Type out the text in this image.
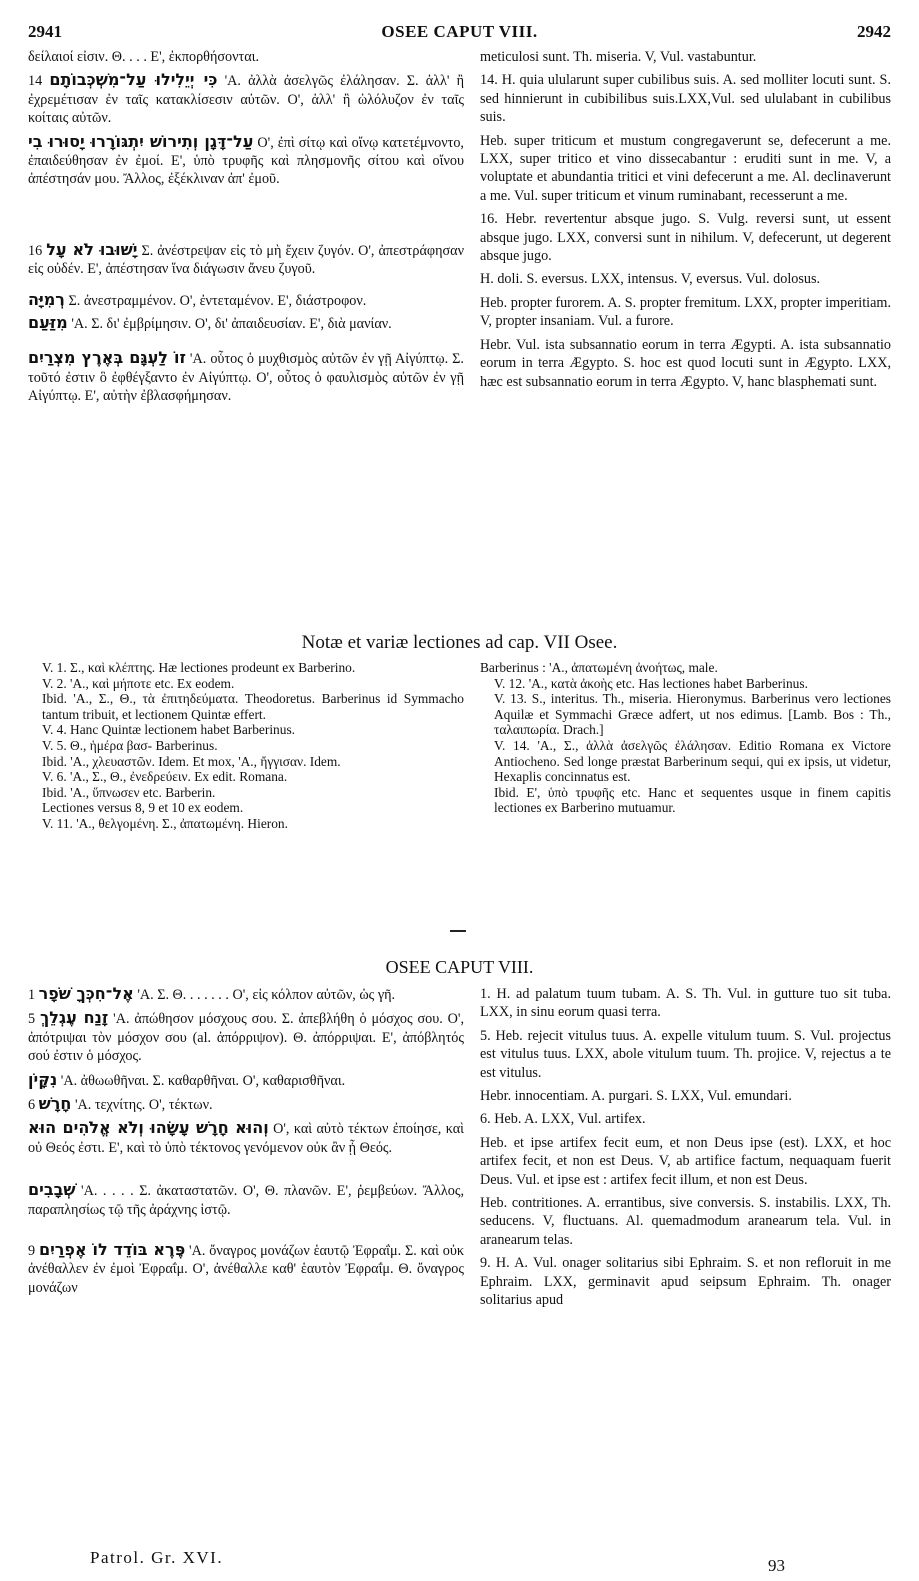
2941	OSEE CAPUT VIII.	2942

δείλαιοί εἰσιν. Θ. . . . Ε', ἐκπορθήσονται.

כִּי יְיֵלִילוּ עַל־מִשְׁכְּבוֹתָם 14 'Α. ἀλλὰ ἀσελγῶς ἐλάλησαν. Σ. ἀλλ' ἢ ἐχρεμέτισαν ἐν ταῖς κατακλίσεσιν αὐτῶν. Ο', ἀλλ' ἢ ὠλόλυζον ἐν ταῖς κοίταις αὐτῶν.

עַל־דָּגָן וְתִירוֹשׁ יִתְגּוֹרָרוּ יָסוּרוּ בִי Ο', ἐπὶ σίτῳ καὶ οἴνῳ κατετέμνοντο, ἐπαιδεύθησαν ἐν ἐμοί. Ε', ὑπὸ τρυφῆς καὶ πλησμονῆς σίτου καὶ οἴνου ἀπέστησάν μου. Ἄλλος, ἐξέκλιναν ἀπ' ἐμοῦ.

יָשׁוּבוּ לֹא עָל 16 Σ. ἀνέστρεψαν εἰς τὸ μὴ ἔχειν ζυγόν. Ο', ἀπεστράφησαν εἰς οὐδέν. Ε', ἀπέστησαν ἵνα διάγωσιν ἄνευ ζυγοῦ.

רְמִיָּה Σ. ἀνεστραμμένον. Ο', ἐντεταμένον. Ε', διάστροφον.

מִזַּעַם 'Α. Σ. δι' ἐμβρίμησιν. Ο', δι' ἀπαιδευσίαν. Ε', διὰ μανίαν.

זוֹ לַעְגָּם בְּאֶרֶץ מִצְרַיִם 'Α. οὗτος ὁ μυχθισμὸς αὐτῶν ἐν γῇ Αἰγύπτῳ. Σ. τοῦτό ἐστιν ὃ ἐφθέγξαντο ἐν Αἰγύπτῳ. Ο', οὗτος ὁ φαυλισμὸς αὐτῶν ἐν γῇ Αἰγύπτῳ. Ε', αὐτὴν ἐβλασφήμησαν.

meticulosi sunt. Th. miseria. V, Vul. vastabuntur.

14. H. quia ulularunt super cubilibus suis. A. sed molliter locuti sunt. S. sed hinnierunt in cubibilibus suis.LXX,Vul. sed ululabant in cubilibus suis.

Heb. super triticum et mustum congregaverunt se, defecerunt a me. LXX, super tritico et vino dissecabantur : eruditi sunt in me. V, a voluptate et abundantia tritici et vini defecerunt a me. Al. declinaverunt a me. Vul. super triticum et vinum ruminabant, recesserunt a me.

16. Hebr. revertentur absque jugo. S. Vulg. reversi sunt, ut essent absque jugo. LXX, conversi sunt in nihilum. V, defecerunt, ut degerent absque jugo.

H. doli. S. eversus. LXX, intensus. V, eversus. Vul. dolosus.

Heb. propter furorem. A. S. propter fremitum. LXX, propter imperitiam. V, propter insaniam. Vul. a furore.

Hebr. Vul. ista subsannatio eorum in terra Ægypti. A. ista subsannatio eorum in terra Ægypto. S. hoc est quod locuti sunt in Ægypto. LXX, hæc est subsannatio eorum in terra Ægypto. V, hanc blasphemati sunt.

Notæ et variæ lectiones ad cap. VII Osee.

V. 1. Σ., καὶ κλέπτης. Hæ lectiones prodeunt ex Barberino.

V. 2. 'Α., καὶ μήποτε etc. Ex eodem.

Ibid. 'Α., Σ., Θ., τὰ ἐπιτηδεύματα. Theodoretus. Barberinus id Symmacho tantum tribuit, et lectionem Quintæ effert.

V. 4. Hanc Quintæ lectionem habet Barberinus.

V. 5. Θ., ἡμέρα βασ- Barberinus.

Ibid. 'Α., χλευαστῶν. Idem. Et mox, 'Α., ἤγγισαν. Idem.

V. 6. 'Α., Σ., Θ., ἐνεδρεύειν. Ex edit. Romana.

Ibid. 'Α., ὕπνωσεν etc. Barberin.

Lectiones versus 8, 9 et 10 ex eodem.

V. 11. 'Α., θελγομένη. Σ., ἀπατωμένη. Hieron.

Barberinus : 'Α., ἀπατωμένη ἀνοήτως, male.

V. 12. 'Α., κατὰ ἀκοὴς etc. Has lectiones habet Barberinus.

V. 13. S., interitus. Th., miseria. Hieronymus. Barberinus vero lectiones Aquilæ et Symmachi Græce adfert, ut nos edimus. [Lamb. Bos : Th., ταλαιπωρία. Drach.]

V. 14. 'Α., Σ., ἀλλὰ ἀσελγῶς ἐλάλησαν. Editio Romana ex Victore Antiocheno. Sed longe præstat Barberinum sequi, qui ex ipsis, ut videtur, Hexaplis concinnatus est.

Ibid. E', ὑπὸ τρυφῆς etc. Hanc et sequentes usque in finem capitis lectiones ex Barberino mutuamur.

OSEE CAPUT VIII.

אֶל־חִכְּךָ שֹׁפָר 1 'Α. Σ. Θ. . . . . . . Ο', εἰς κόλπον αὐτῶν, ὡς γῆ.

זָנַח עֶגְלֵךְ 5 'Α. ἀπώθησον μόσχους σου. Σ. ἀπεβλήθη ὁ μόσχος σου. Ο', ἀπότριψαι τὸν μόσχον σου (al. ἀπόρριψον). Θ. ἀπόρριψαι. Ε', ἀπόβλητός σού ἐστιν ὁ μόσχος.

נִקָּיֹן 'Α. ἀθωωθῆναι. Σ. καθαρθῆναι. Ο', καθαρισθῆναι.

חָרָשׁ 6 'Α. τεχνίτης. Ο', τέκτων.

וְהוּא חָרָשׁ עָשָׂהוּ וְלֹא אֱלֹהִים הוּא Ο', καὶ αὐτὸ τέκτων ἐποίησε, καὶ οὐ Θεός ἐστι. Ε', καὶ τὸ ὑπὸ τέκτονος γενόμενον οὐκ ἂν ᾖ Θεός.

שְׁבָבִים 'Α. . . . . Σ. ἀκαταστατῶν. Ο', Θ. πλανῶν. Ε', ῥεμβεύων. Ἄλλος, παραπλησίως τῷ τῆς ἀράχνης ἱστῷ.

פֶּרֶא בּוֹדֵד לוֹ אֶפְרַיִם 9 'Α. ὄναγρος μονάζων ἑαυτῷ Ἐφραΐμ. Σ. καὶ οὐκ ἀνέθαλλεν ἐν ἐμοὶ Ἐφραΐμ. Ο', ἀνέθαλλε καθ' ἑαυτὸν Ἐφραΐμ. Θ. ὄναγρος μονάζων

1. H. ad palatum tuum tubam. A. S. Th. Vul. in gutture tuo sit tuba. LXX, in sinu eorum quasi terra.

5. Heb. rejecit vitulus tuus. A. expelle vitulum tuum. S. Vul. projectus est vitulus tuus. LXX, abole vitulum tuum. Th. projice. V, rejectus a te est vitulus.

Hebr. innocentiam. A. purgari. S. LXX, Vul. emundari.

6. Heb. A. LXX, Vul. artifex.

Heb. et ipse artifex fecit eum, et non Deus ipse (est). LXX, et hoc artifex fecit, et non est Deus. V, ab artifice factum, nequaquam fuerit Deus. Vul. et ipse est : artifex fecit illum, et non est Deus.

Heb. contritiones. A. errantibus, sive conversis. S. instabilis. LXX, Th. seducens. V, fluctuans. Al. quemadmodum aranearum tela. Vul. in aranearum telas.

9. H. A. Vul. onager solitarius sibi Ephraim. S. et non refloruit in me Ephraim. LXX, germinavit apud seipsum Ephraim. Th. onager solitarius apud

Patrol. Gr. XVI.	93
